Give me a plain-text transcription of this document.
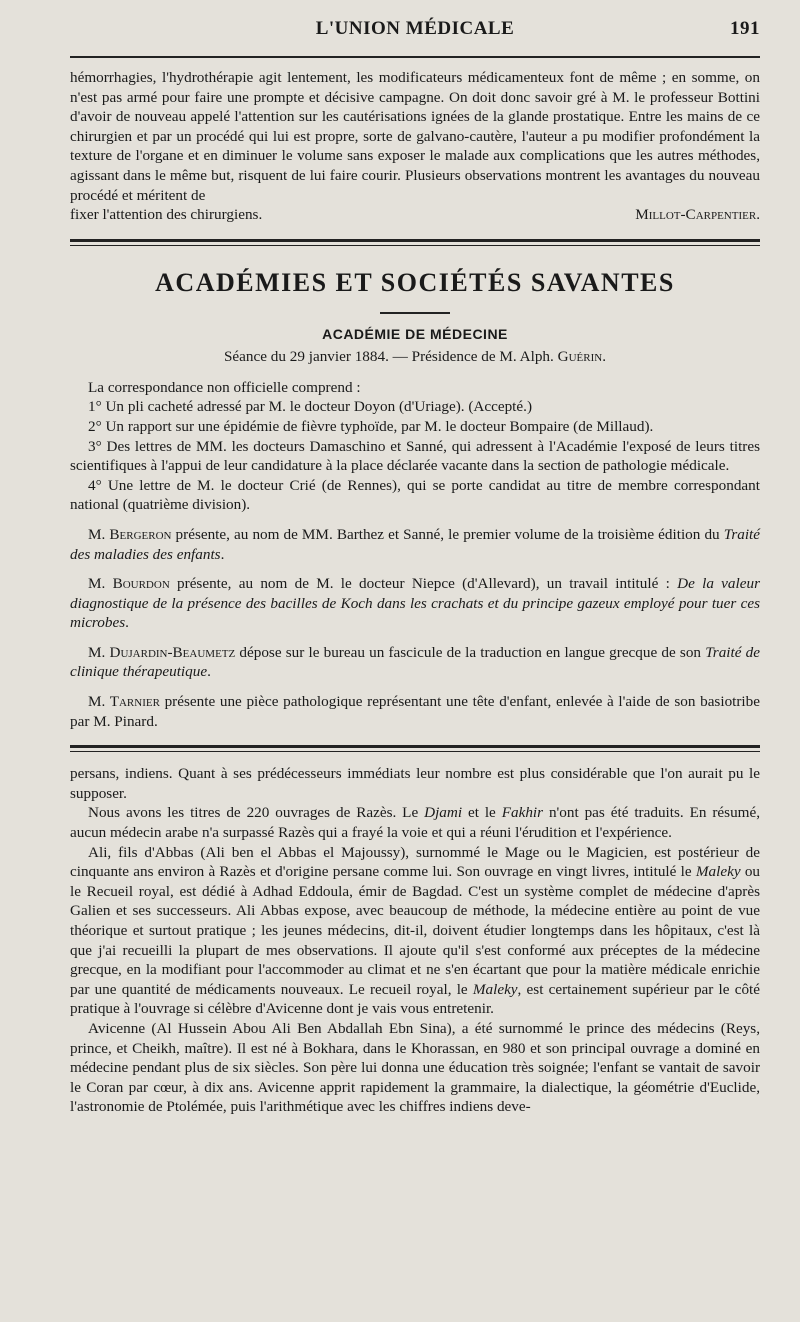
L'UNION MÉDICALE	191

hémorrhagies, l'hydrothérapie agit lentement, les modificateurs médicamenteux font de même ; en somme, on n'est pas armé pour faire une prompte et décisive campagne. On doit donc savoir gré à M. le professeur Bottini d'avoir de nouveau appelé l'attention sur les cautérisations ignées de la glande prostatique. Entre les mains de ce chirurgien et par un procédé qui lui est propre, sorte de galvano-cautère, l'auteur a pu modifier profondément la texture de l'organe et en diminuer le volume sans exposer le malade aux complications que les autres méthodes, agissant dans le même but, risquent de lui faire courir. Plusieurs observations montrent les avantages du nouveau procédé et méritent de

fixer l'attention des chirurgiens.	Millot-Carpentier.
ACADÉMIES ET SOCIÉTÉS SAVANTES
ACADÉMIE DE MÉDECINE
Séance du 29 janvier 1884. — Présidence de M. Alph. Guérin.

La correspondance non officielle comprend :

1° Un pli cacheté adressé par M. le docteur Doyon (d'Uriage). (Accepté.)

2° Un rapport sur une épidémie de fièvre typhoïde, par M. le docteur Bompaire (de Millaud).

3° Des lettres de MM. les docteurs Damaschino et Sanné, qui adressent à l'Académie l'exposé de leurs titres scientifiques à l'appui de leur candidature à la place déclarée vacante dans la section de pathologie médicale.

4° Une lettre de M. le docteur Crié (de Rennes), qui se porte candidat au titre de membre correspondant national (quatrième division).

M. Bergeron présente, au nom de MM. Barthez et Sanné, le premier volume de la troisième édition du Traité des maladies des enfants.

M. Bourdon présente, au nom de M. le docteur Niepce (d'Allevard), un travail intitulé : De la valeur diagnostique de la présence des bacilles de Koch dans les crachats et du principe gazeux employé pour tuer ces microbes.

M. Dujardin-Beaumetz dépose sur le bureau un fascicule de la traduction en langue grecque de son Traité de clinique thérapeutique.

M. Tarnier présente une pièce pathologique représentant une tête d'enfant, enlevée à l'aide de son basiotribe par M. Pinard.

persans, indiens. Quant à ses prédécesseurs immédiats leur nombre est plus considérable que l'on aurait pu le supposer.

Nous avons les titres de 220 ouvrages de Razès. Le Djami et le Fakhir n'ont pas été traduits. En résumé, aucun médecin arabe n'a surpassé Razès qui a frayé la voie et qui a réuni l'érudition et l'expérience.

Ali, fils d'Abbas (Ali ben el Abbas el Majoussy), surnommé le Mage ou le Magicien, est postérieur de cinquante ans environ à Razès et d'origine persane comme lui. Son ouvrage en vingt livres, intitulé le Maleky ou le Recueil royal, est dédié à Adhad Eddoula, émir de Bagdad. C'est un système complet de médecine d'après Galien et ses successeurs. Ali Abbas expose, avec beaucoup de méthode, la médecine entière au point de vue théorique et surtout pratique ; les jeunes médecins, dit-il, doivent étudier longtemps dans les hôpitaux, c'est là que j'ai recueilli la plupart de mes observations. Il ajoute qu'il s'est conformé aux préceptes de la médecine grecque, en la modifiant pour l'accommoder au climat et ne s'en écartant que pour la matière médicale enrichie par une quantité de médicaments nouveaux. Le recueil royal, le Maleky, est certainement supérieur par le côté pratique à l'ouvrage si célèbre d'Avicenne dont je vais vous entretenir.

Avicenne (Al Hussein Abou Ali Ben Abdallah Ebn Sina), a été surnommé le prince des médecins (Reys, prince, et Cheikh, maître). Il est né à Bokhara, dans le Khorassan, en 980 et son principal ouvrage a dominé en médecine pendant plus de six siècles. Son père lui donna une éducation très soignée; l'enfant se vantait de savoir le Coran par cœur, à dix ans. Avicenne apprit rapidement la grammaire, la dialectique, la géométrie d'Euclide, l'astronomie de Ptolémée, puis l'arithmétique avec les chiffres indiens deve-
